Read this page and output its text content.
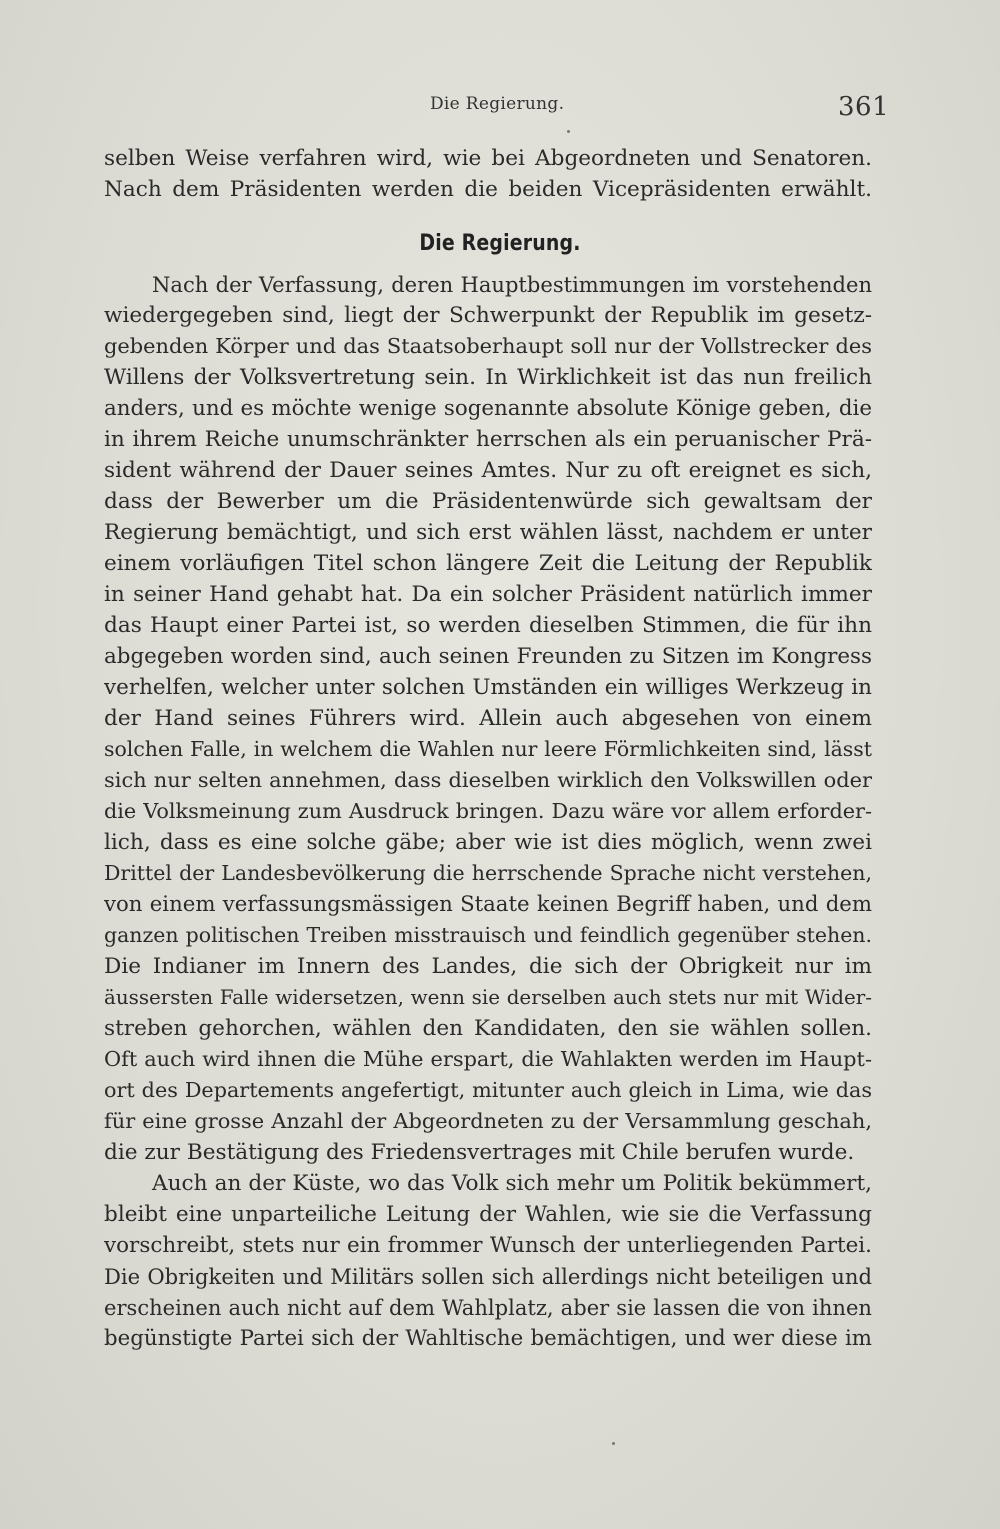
Die Regierung.	361
selben Weise verfahren wird, wie bei Abgeordneten und Senatoren.
Nach dem Präsidenten werden die beiden Vicepräsidenten erwählt.
Die Regierung.
Nach der Verfassung, deren Hauptbestimmungen im vorstehenden
wiedergegeben sind, liegt der Schwerpunkt der Republik im gesetz-
gebenden Körper und das Staatsoberhaupt soll nur der Vollstrecker des
Willens der Volksvertretung sein. In Wirklichkeit ist das nun freilich
anders, und es möchte wenige sogenannte absolute Könige geben, die
in ihrem Reiche unumschränkter herrschen als ein peruanischer Prä-
sident während der Dauer seines Amtes. Nur zu oft ereignet es sich,
dass der Bewerber um die Präsidentenwürde sich gewaltsam der
Regierung bemächtigt, und sich erst wählen lässt, nachdem er unter
einem vorläufigen Titel schon längere Zeit die Leitung der Republik
in seiner Hand gehabt hat. Da ein solcher Präsident natürlich immer
das Haupt einer Partei ist, so werden dieselben Stimmen, die für ihn
abgegeben worden sind, auch seinen Freunden zu Sitzen im Kongress
verhelfen, welcher unter solchen Umständen ein williges Werkzeug in
der Hand seines Führers wird. Allein auch abgesehen von einem
solchen Falle, in welchem die Wahlen nur leere Förmlichkeiten sind, lässt
sich nur selten annehmen, dass dieselben wirklich den Volkswillen oder
die Volksmeinung zum Ausdruck bringen. Dazu wäre vor allem erforder-
lich, dass es eine solche gäbe; aber wie ist dies möglich, wenn zwei
Drittel der Landesbevölkerung die herrschende Sprache nicht verstehen,
von einem verfassungsmässigen Staate keinen Begriff haben, und dem
ganzen politischen Treiben misstrauisch und feindlich gegenüber stehen.
Die Indianer im Innern des Landes, die sich der Obrigkeit nur im
äussersten Falle widersetzen, wenn sie derselben auch stets nur mit Wider-
streben gehorchen, wählen den Kandidaten, den sie wählen sollen.
Oft auch wird ihnen die Mühe erspart, die Wahlakten werden im Haupt-
ort des Departements angefertigt, mitunter auch gleich in Lima, wie das
für eine grosse Anzahl der Abgeordneten zu der Versammlung geschah,
die zur Bestätigung des Friedensvertrages mit Chile berufen wurde.
Auch an der Küste, wo das Volk sich mehr um Politik bekümmert,
bleibt eine unparteiliche Leitung der Wahlen, wie sie die Verfassung
vorschreibt, stets nur ein frommer Wunsch der unterliegenden Partei.
Die Obrigkeiten und Militärs sollen sich allerdings nicht beteiligen und
erscheinen auch nicht auf dem Wahlplatz, aber sie lassen die von ihnen
begünstigte Partei sich der Wahltische bemächtigen, und wer diese im
